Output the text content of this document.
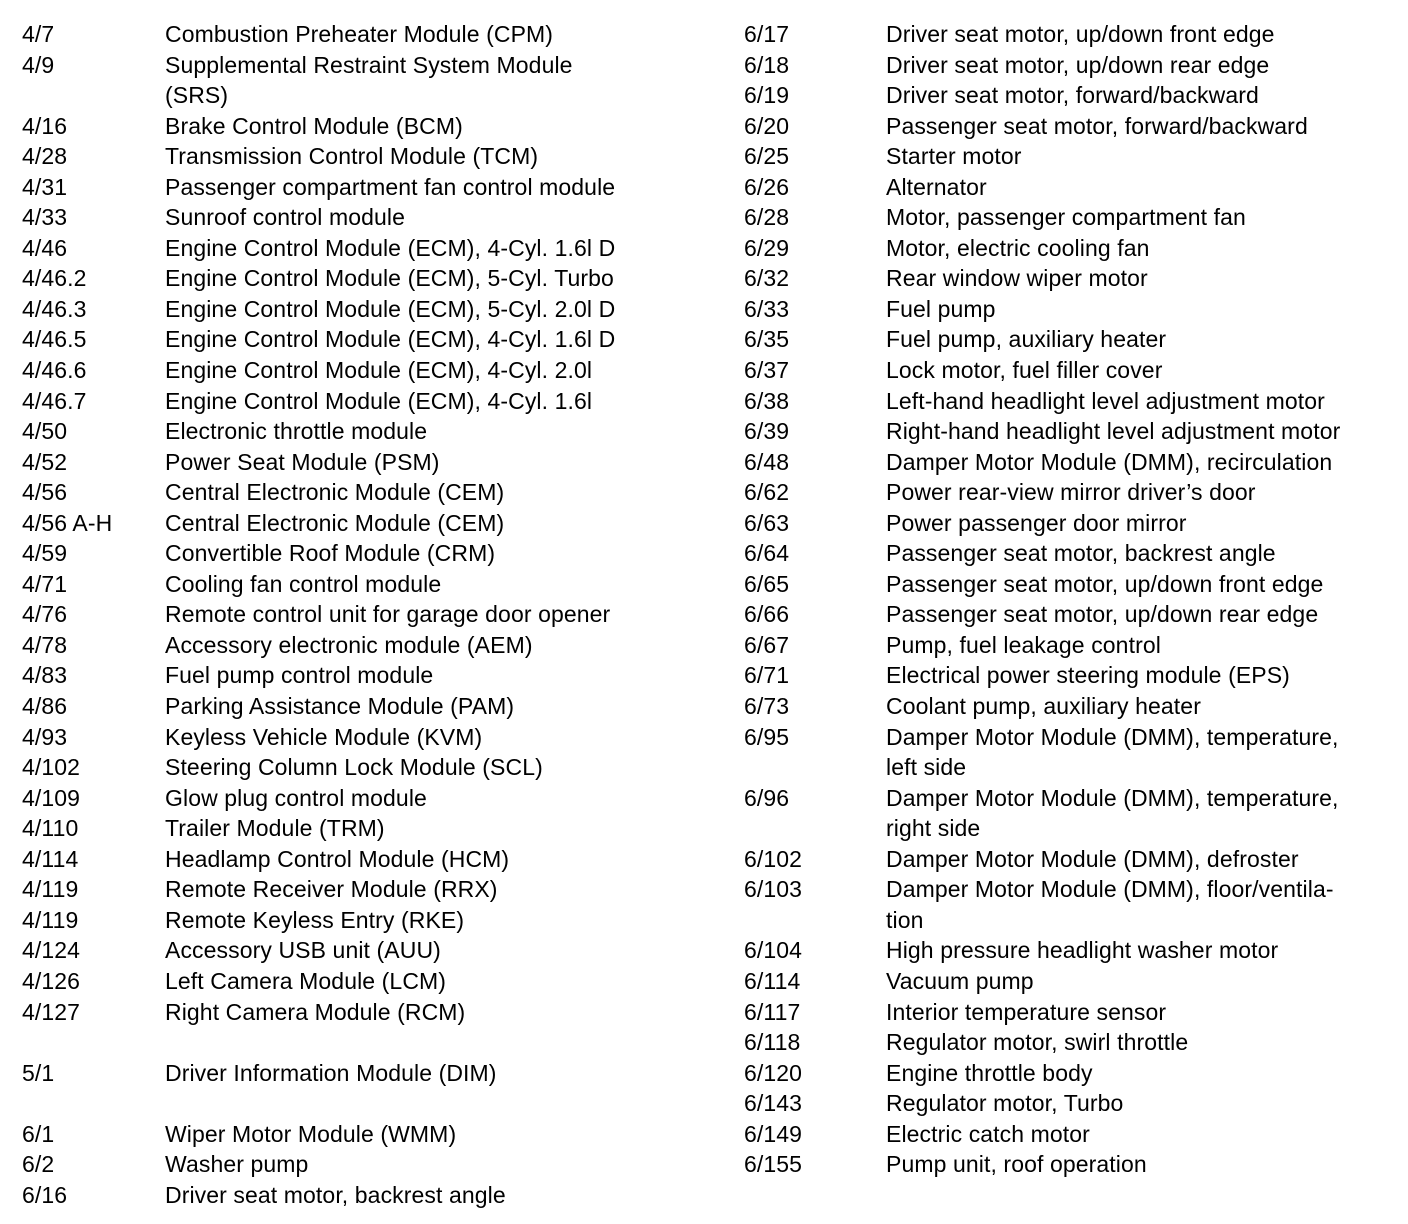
4/7	Combustion Preheater Module (CPM)
4/9	Supplemental Restraint System Module
(SRS)
4/16	Brake Control Module (BCM)
4/28	Transmission Control Module (TCM)
4/31	Passenger compartment fan control module
4/33	Sunroof control module
4/46	Engine Control Module (ECM), 4-Cyl. 1.6l D
4/46.2	Engine Control Module (ECM), 5-Cyl. Turbo
4/46.3	Engine Control Module (ECM), 5-Cyl. 2.0l D
4/46.5	Engine Control Module (ECM), 4-Cyl. 1.6l D
4/46.6	Engine Control Module (ECM), 4-Cyl. 2.0l
4/46.7	Engine Control Module (ECM), 4-Cyl. 1.6l
4/50	Electronic throttle module
4/52	Power Seat Module (PSM)
4/56	Central Electronic Module (CEM)
4/56 A-H	Central Electronic Module (CEM)
4/59	Convertible Roof Module (CRM)
4/71	Cooling fan control module
4/76	Remote control unit for garage door opener
4/78	Accessory electronic module (AEM)
4/83	Fuel pump control module
4/86	Parking Assistance Module (PAM)
4/93	Keyless Vehicle Module (KVM)
4/102	Steering Column Lock Module (SCL)
4/109	Glow plug control module
4/110	Trailer Module (TRM)
4/114	Headlamp Control Module (HCM)
4/119	Remote Receiver Module (RRX)
4/119	Remote Keyless Entry (RKE)
4/124	Accessory USB unit (AUU)
4/126	Left Camera Module (LCM)
4/127	Right Camera Module (RCM)
5/1	Driver Information Module (DIM)
6/1	Wiper Motor Module (WMM)
6/2	Washer pump
6/16	Driver seat motor, backrest angle
6/17	Driver seat motor, up/down front edge
6/18	Driver seat motor, up/down rear edge
6/19	Driver seat motor, forward/backward
6/20	Passenger seat motor, forward/backward
6/25	Starter motor
6/26	Alternator
6/28	Motor, passenger compartment fan
6/29	Motor, electric cooling fan
6/32	Rear window wiper motor
6/33	Fuel pump
6/35	Fuel pump, auxiliary heater
6/37	Lock motor, fuel filler cover
6/38	Left-hand headlight level adjustment motor
6/39	Right-hand headlight level adjustment motor
6/48	Damper Motor Module (DMM), recirculation
6/62	Power rear-view mirror driver’s door
6/63	Power passenger door mirror
6/64	Passenger seat motor, backrest angle
6/65	Passenger seat motor, up/down front edge
6/66	Passenger seat motor, up/down rear edge
6/67	Pump, fuel leakage control
6/71	Electrical power steering module (EPS)
6/73	Coolant pump, auxiliary heater
6/95	Damper Motor Module (DMM), temperature,
left side
6/96	Damper Motor Module (DMM), temperature,
right side
6/102	Damper Motor Module (DMM), defroster
6/103	Damper Motor Module (DMM), floor/ventila-
tion
6/104	High pressure headlight washer motor
6/114	Vacuum pump
6/117	Interior temperature sensor
6/118	Regulator motor, swirl throttle
6/120	Engine throttle body
6/143	Regulator motor, Turbo
6/149	Electric catch motor
6/155	Pump unit, roof operation
